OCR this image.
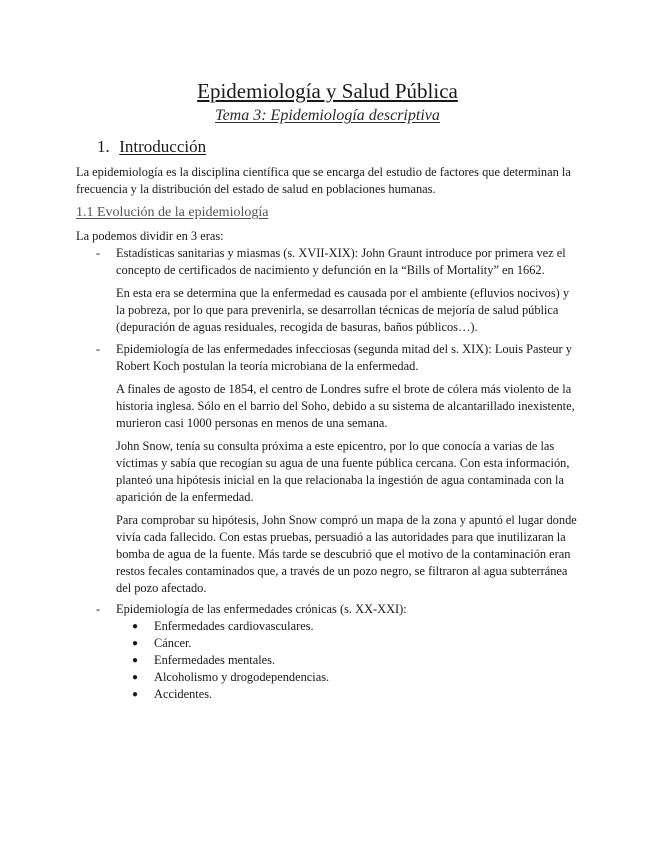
Epidemiología y Salud Pública
Tema 3: Epidemiología descriptiva
1. Introducción

La epidemiología es la disciplina científica que se encarga del estudio de factores que determinan la frecuencia y la distribución del estado de salud en poblaciones humanas.

1.1 Evolución de la epidemiología

La podemos dividir en 3 eras:

-	Estadísticas sanitarias y miasmas (s. XVII-XIX): John Graunt introduce por primera vez el concepto de certificados de nacimiento y defunción en la “Bills of Mortality” en 1662.

En esta era se determina que la enfermedad es causada por el ambiente (efluvios nocivos) y la pobreza, por lo que para prevenirla, se desarrollan técnicas de mejoría de salud pública (depuración de aguas residuales, recogida de basuras, baños públicos…).

-	Epidemiología de las enfermedades infecciosas (segunda mitad del s. XIX): Louis Pasteur y Robert Koch postulan la teoría microbiana de la enfermedad.

A finales de agosto de 1854, el centro de Londres sufre el brote de cólera más violento de la historia inglesa. Sólo en el barrio del Soho, debido a su sistema de alcantarillado inexistente, murieron casi 1000 personas en menos de una semana.

John Snow, tenía su consulta próxima a este epicentro, por lo que conocía a varias de las víctimas y sabía que recogían su agua de una fuente pública cercana. Con esta información, planteó una hipótesis inicial en la que relacionaba la ingestión de agua contaminada con la aparición de la enfermedad.

Para comprobar su hipótesis, John Snow compró un mapa de la zona y apuntó el lugar donde vivía cada fallecido. Con estas pruebas, persuadió a las autoridades para que inutilizaran la bomba de agua de la fuente. Más tarde se descubrió que el motivo de la contaminación eran restos fecales contaminados que, a través de un pozo negro, se filtraron al agua subterránea del pozo afectado.

-	Epidemiología de las enfermedades crónicas (s. XX-XXI):

● Enfermedades cardiovasculares.
● Cáncer.
● Enfermedades mentales.
● Alcoholismo y drogodependencias.
● Accidentes.
